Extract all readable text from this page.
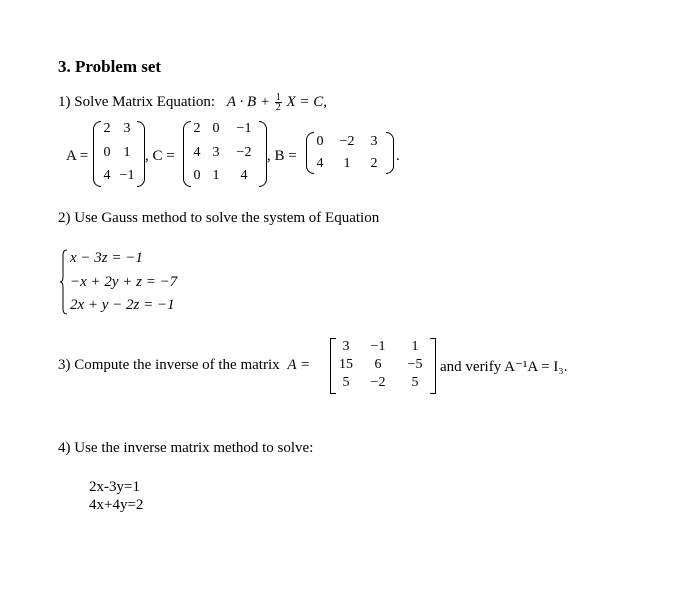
3. Problem set
1) Solve Matrix Equation: $A \cdot B + \frac{1}{2}$ X = C,
A =
2 3
0 1
4 −1
, C =
2 0	−1
4 3	−2
0 1	4
, B =
0	−2	3
4	1	2	.
2) Use Gauss method to solve the system of Equation
x − 3z = −1
−x + 2y + z = −7
2x + y − 2z = −1
3) Compute the inverse of the matrix A =
3	−1	1
15	6	−5
5	−2	5
and verify A⁻¹A = I₃.
4) Use the inverse matrix method to solve:
2x-3y=1
4x+4y=2
